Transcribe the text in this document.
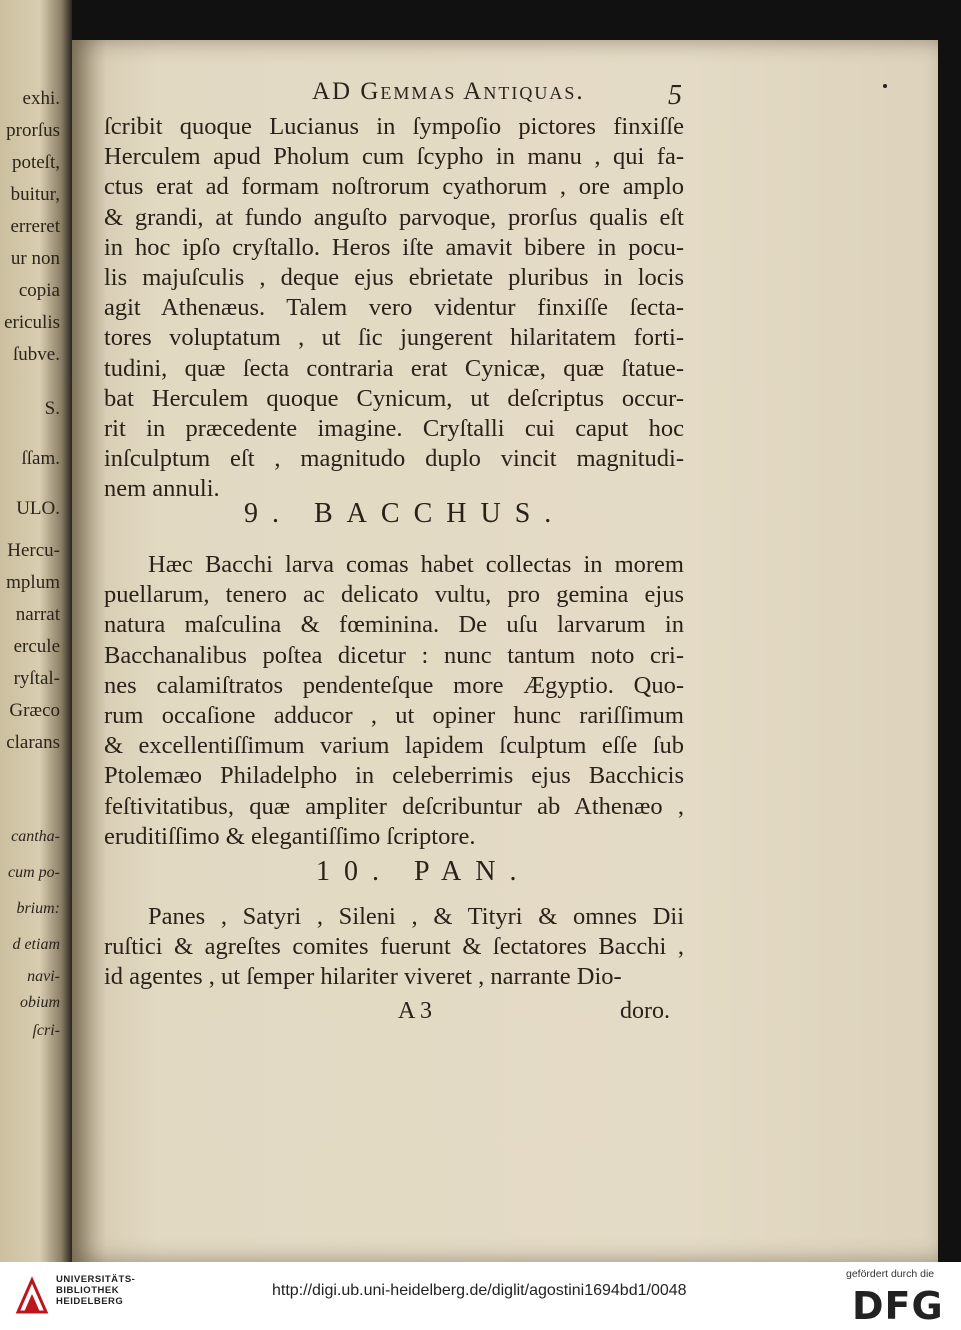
exhi.
prorſus
poteſt,
buitur,
erreret
ur non
copia
ericulis
ſubve.
S.
ſſam.
ULO.
Hercu-
mplum
narrat
ercule
ryſtal-
Græco
clarans
cantha-
cum po-
brium:
d etiam
navi-
obium
ſcri-
AD Gemmas Antiquas.	5
ſcribit quoque Lucianus in ſympoſio pictores finxiſſe
Herculem apud Pholum cum ſcypho in manu , qui fa-
ctus erat ad formam noſtrorum cyathorum , ore amplo
& grandi, at fundo anguſto parvoque, prorſus qualis eſt
in hoc ipſo cryſtallo. Heros iſte amavit bibere in pocu-
lis majuſculis , deque ejus ebrietate pluribus in locis
agit Athenæus. Talem vero videntur finxiſſe ſecta-
tores voluptatum , ut ſic jungerent hilaritatem forti-
tudini, quæ ſecta contraria erat Cynicæ, quæ ſtatue-
bat Herculem quoque Cynicum, ut deſcriptus occur-
rit in præcedente imagine. Cryſtalli cui caput hoc
inſculptum eſt , magnitudo duplo vincit magnitudi-
nem annuli.
9. BACCHUS.
Hæc Bacchi larva comas habet collectas in morem
puellarum, tenero ac delicato vultu, pro gemina ejus
natura maſculina & fœminina. De uſu larvarum in
Bacchanalibus poſtea dicetur : nunc tantum noto cri-
nes calamiſtratos pendenteſque more Ægyptio. Quo-
rum occaſione adducor , ut opiner hunc rariſſimum
& excellentiſſimum varium lapidem ſculptum eſſe ſub
Ptolemæo Philadelpho in celeberrimis ejus Bacchicis
feſtivitatibus, quæ ampliter deſcribuntur ab Athenæo ,
eruditiſſimo & elegantiſſimo ſcriptore.
10. PAN.
Panes , Satyri , Sileni , & Tityri & omnes Dii
ruſtici & agreſtes comites fuerunt & ſectatores Bacchi ,
id agentes , ut ſemper hilariter viveret , narrante Dio-
A 3	doro.
UNIVERSITÄTS-
BIBLIOTHEK
HEIDELBERG
http://digi.ub.uni-heidelberg.de/diglit/agostini1694bd1/0048
gefördert durch die
DFG
